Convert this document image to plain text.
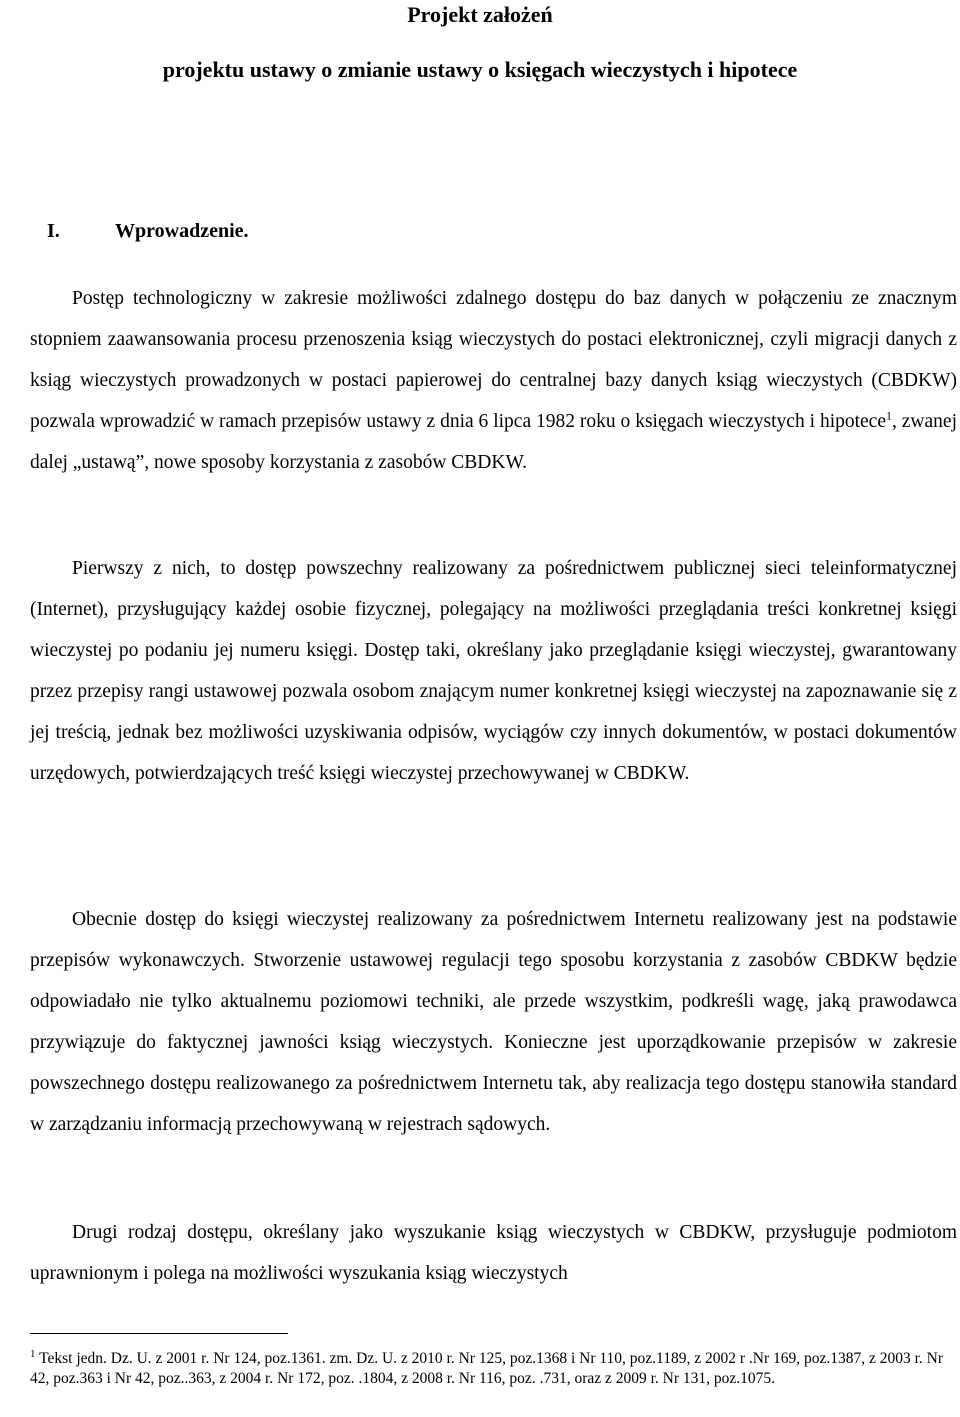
Projekt założeń
projektu ustawy o zmianie ustawy o księgach wieczystych i hipotece
I.	Wprowadzenie.

Postęp technologiczny w zakresie możliwości zdalnego dostępu do baz danych w połączeniu ze znacznym stopniem zaawansowania procesu przenoszenia ksiąg wieczystych do postaci elektronicznej, czyli migracji danych z ksiąg wieczystych prowadzonych w postaci papierowej do centralnej bazy danych ksiąg wieczystych (CBDKW) pozwala wprowadzić w ramach przepisów ustawy z dnia 6 lipca 1982 roku o księgach wieczystych i hipotece$^1$, zwanej dalej „ustawą”, nowe sposoby korzystania z zasobów CBDKW.

Pierwszy z nich, to dostęp powszechny realizowany za pośrednictwem publicznej sieci teleinformatycznej (Internet), przysługujący każdej osobie fizycznej, polegający na możliwości przeglądania treści konkretnej księgi wieczystej po podaniu jej numeru księgi. Dostęp taki, określany jako przeglądanie księgi wieczystej, gwarantowany przez przepisy rangi ustawowej pozwala osobom znającym numer konkretnej księgi wieczystej na zapoznawanie się z jej treścią, jednak bez możliwości uzyskiwania odpisów, wyciągów czy innych dokumentów, w postaci dokumentów urzędowych, potwierdzających treść księgi wieczystej przechowywanej w CBDKW.

Obecnie dostęp do księgi wieczystej realizowany za pośrednictwem Internetu realizowany jest na podstawie przepisów wykonawczych. Stworzenie ustawowej regulacji tego sposobu korzystania z zasobów CBDKW będzie odpowiadało nie tylko aktualnemu poziomowi techniki, ale przede wszystkim, podkreśli wagę, jaką prawodawca przywiązuje do faktycznej jawności ksiąg wieczystych. Konieczne jest uporządkowanie przepisów w zakresie powszechnego dostępu realizowanego za pośrednictwem Internetu tak, aby realizacja tego dostępu stanowiła standard w zarządzaniu informacją przechowywaną w rejestrach sądowych.

Drugi rodzaj dostępu, określany jako wyszukanie ksiąg wieczystych w CBDKW, przysługuje podmiotom uprawnionym i polega na możliwości wyszukania ksiąg wieczystych

$^1$ Tekst jedn. Dz. U. z 2001 r. Nr 124, poz.1361. zm. Dz. U. z 2010 r. Nr 125, poz.1368 i Nr 110, poz.1189, z 2002 r .Nr 169, poz.1387, z 2003 r. Nr 42, poz.363 i Nr 42, poz..363, z 2004 r. Nr 172, poz. .1804, z 2008 r. Nr 116, poz. .731, oraz z 2009 r. Nr 131, poz.1075.
